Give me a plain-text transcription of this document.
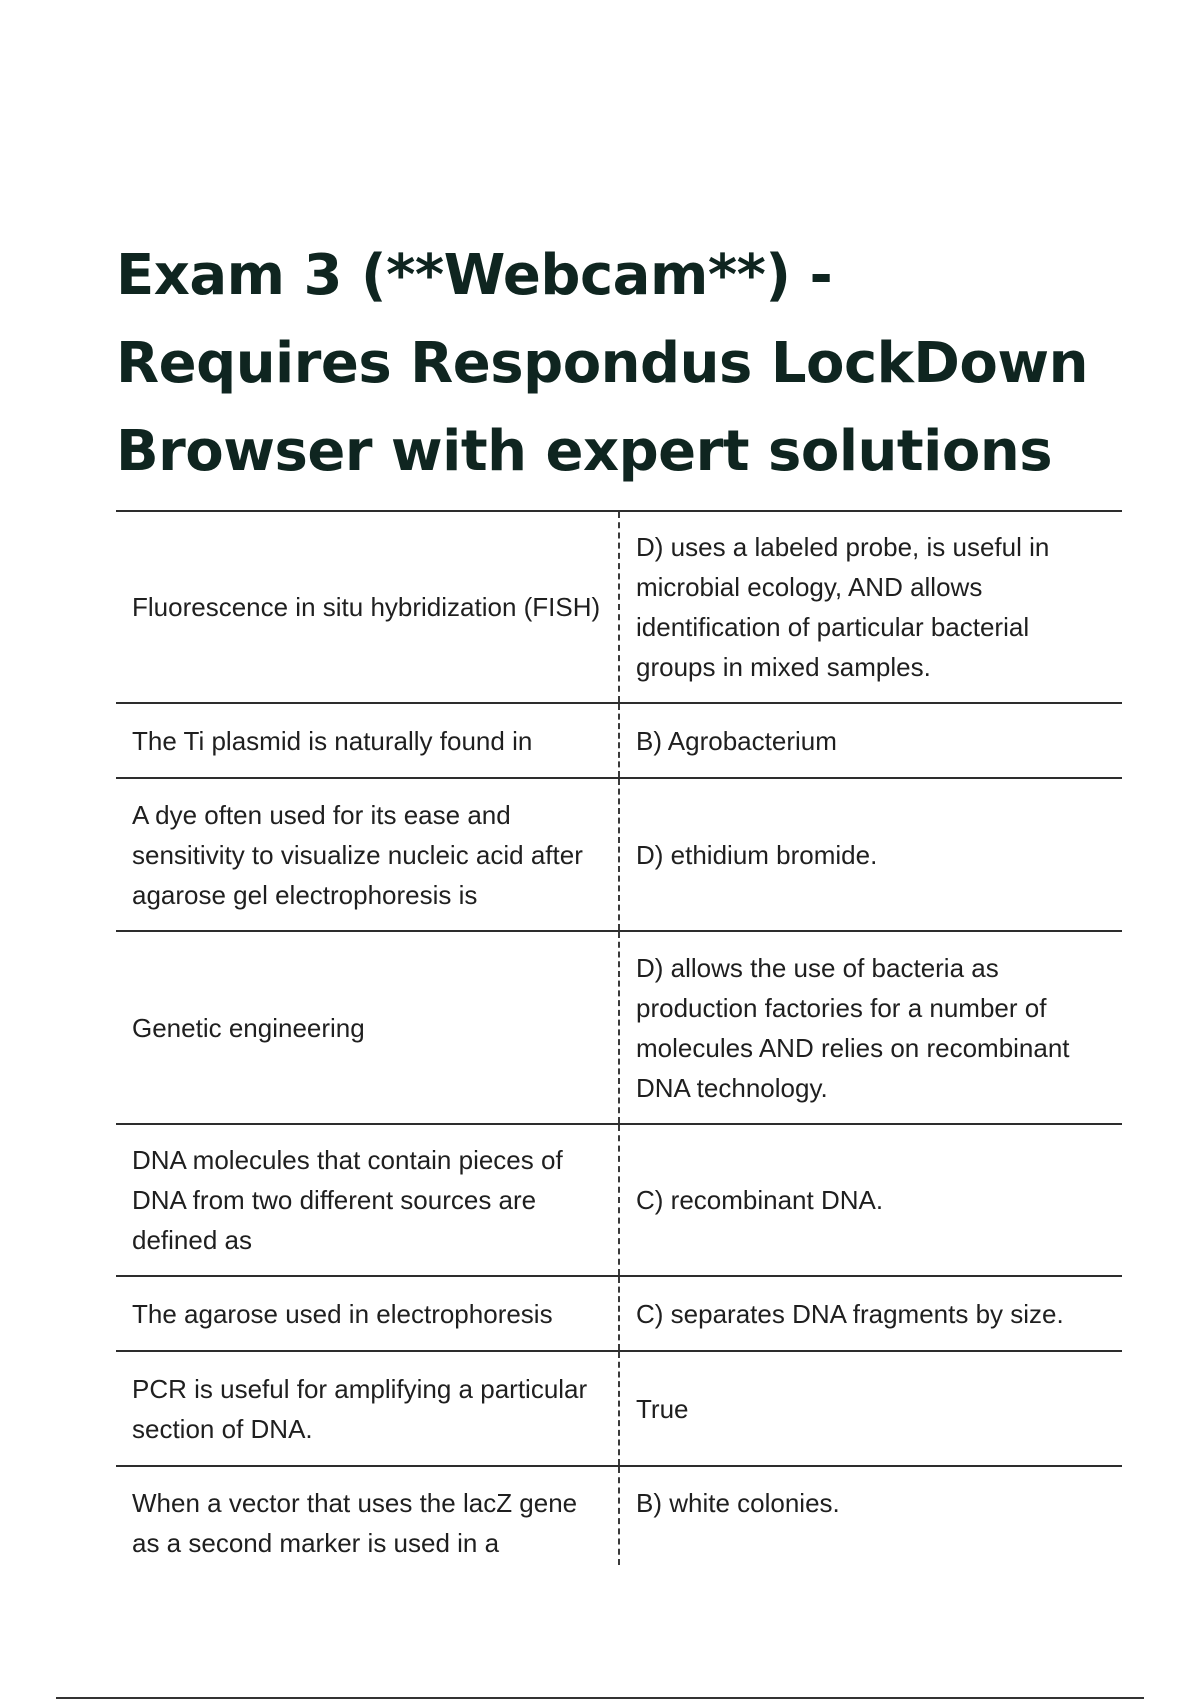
Exam 3 (**Webcam**) - Requires Respondus LockDown Browser with expert solutions
Fluorescence in situ hybridization (FISH)
D) uses a labeled probe, is useful in microbial ecology, AND allows identification of particular bacterial groups in mixed samples.
The Ti plasmid is naturally found in	B) Agrobacterium
A dye often used for its ease and sensitivity to visualize nucleic acid after agarose gel electrophoresis is
D) ethidium bromide.
Genetic engineering
D) allows the use of bacteria as production factories for a number of molecules AND relies on recombinant DNA technology.
DNA molecules that contain pieces of DNA from two different sources are defined as
C) recombinant DNA.
The agarose used in electrophoresis	C) separates DNA fragments by size.
PCR is useful for amplifying a particular section of DNA.
True
When a vector that uses the lacZ gene as a second marker is used in a
B) white colonies.
